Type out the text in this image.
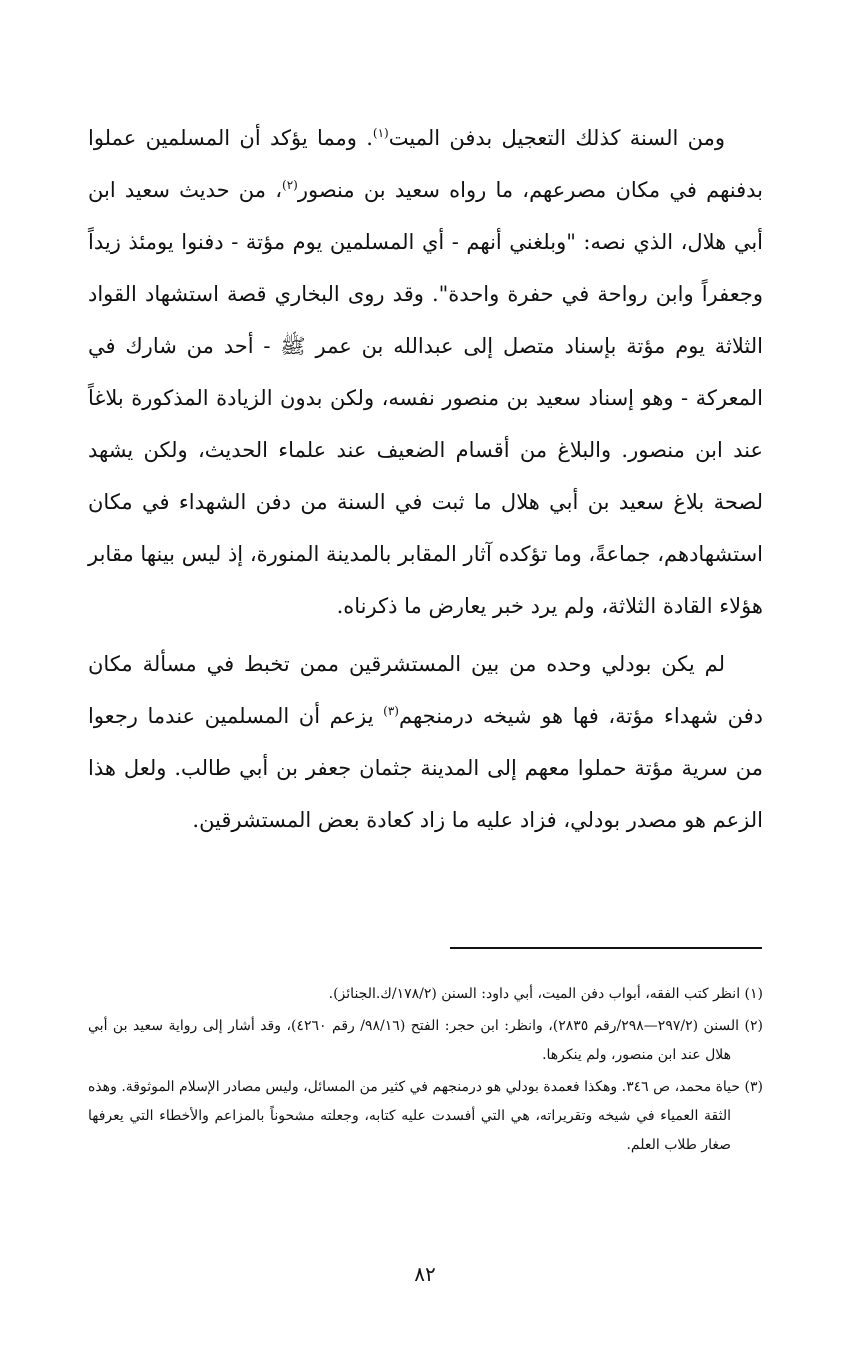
ومن السنة كذلك التعجيل بدفن الميت$^{(١)}$. ومما يؤكد أن المسلمين عملوا بدفنهم في مكان مصرعهم، ما رواه سعيد بن منصور$^{(٢)}$، من حديث سعيد ابن أبي هلال، الذي نصه: "وبلغني أنهم - أي المسلمين يوم مؤتة - دفنوا يومئذ زيداً وجعفراً وابن رواحة في حفرة واحدة". وقد روى البخاري قصة استشهاد القواد الثلاثة يوم مؤتة بإسناد متصل إلى عبدالله بن عمر ﷺ - أحد من شارك في المعركة - وهو إسناد سعيد بن منصور نفسه، ولكن بدون الزيادة المذكورة بلاغاً عند ابن منصور. والبلاغ من أقسام الضعيف عند علماء الحديث، ولكن يشهد لصحة بلاغ سعيد بن أبي هلال ما ثبت في السنة من دفن الشهداء في مكان استشهادهم، جماعةً، وما تؤكده آثار المقابر بالمدينة المنورة، إذ ليس بينها مقابر هؤلاء القادة الثلاثة، ولم يرد خبر يعارض ما ذكرناه.

لم يكن بودلي وحده من بين المستشرقين ممن تخبط في مسألة مكان دفن شهداء مؤتة، فها هو شيخه درمنجهم$^{(٣)}$ يزعم أن المسلمين عندما رجعوا من سرية مؤتة حملوا معهم إلى المدينة جثمان جعفر بن أبي طالب. ولعل هذا الزعم هو مصدر بودلي، فزاد عليه ما زاد كعادة بعض المستشرقين.

(١) انظر كتب الفقه، أبواب دفن الميت، أبي داود: السنن (١٧٨/٢/ك.الجنائز).

(٢) السنن (٢٩٧/٢—٢٩٨/رقم ٢٨٣٥)، وانظر: ابن حجر: الفتح (٩٨/١٦/ رقم ٤٢٦٠)، وقد أشار إلى رواية سعيد بن أبي هلال عند ابن منصور، ولم ينكرها.

(٣) حياة محمد، ص ٣٤٦. وهكذا فعمدة بودلي هو درمنجهم في كثير من المسائل، وليس مصادر الإسلام الموثوقة. وهذه الثقة العمياء في شيخه وتقريراته، هي التي أفسدت عليه كتابه، وجعلته مشحوناً بالمزاعم والأخطاء التي يعرفها صغار طلاب العلم.

٨٢
